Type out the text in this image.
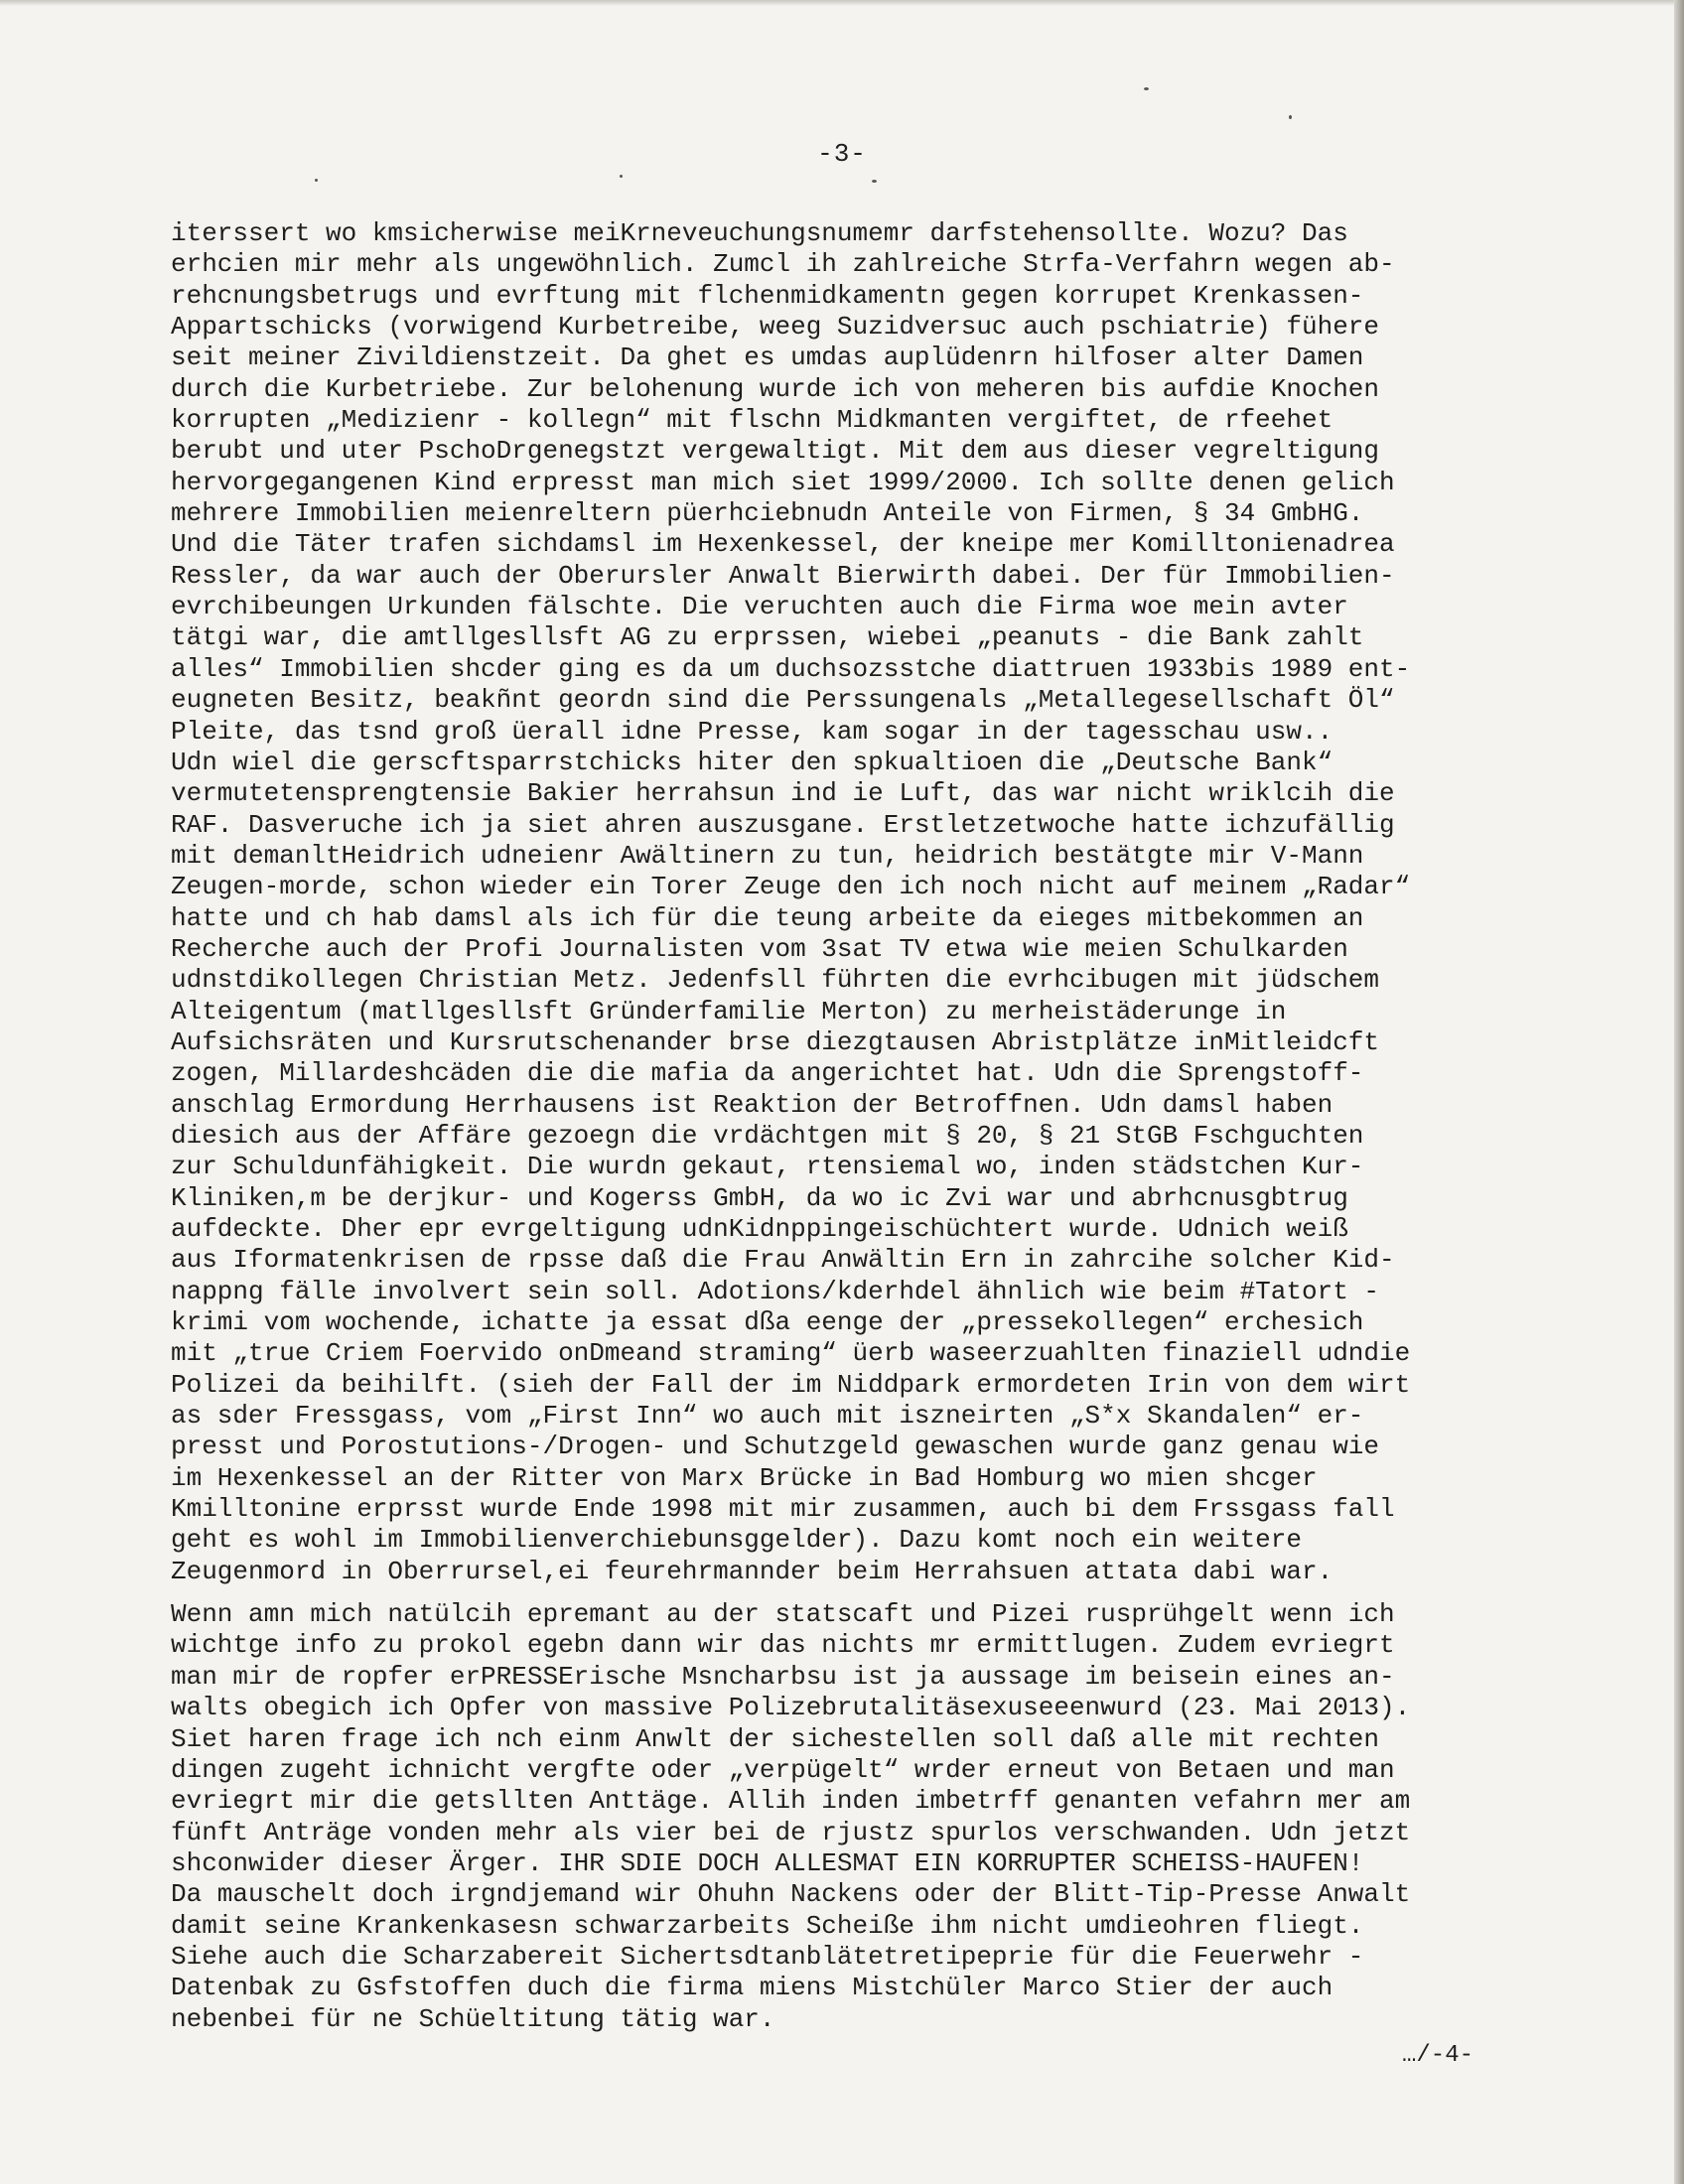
-3-

iterssert wo kmsicherwise meiKrneveuchungsnumemr darfstehensollte. Wozu? Das
erhcien mir mehr als ungewöhnlich. Zumcl ih zahlreiche Strfa-Verfahrn wegen ab-
rehcnungsbetrugs und evrftung mit flchenmidkamentn gegen korrupet Krenkassen-
Appartschicks (vorwigend Kurbetreibe, weeg Suzidversuc auch pschiatrie) fühere
seit meiner Zivildienstzeit. Da ghet es umdas auplüdenrn hilfoser alter Damen
durch die Kurbetriebe. Zur belohenung wurde ich von meheren bis aufdie Knochen
korrupten „Medizienr - kollegn“ mit flschn Midkmanten vergiftet, de rfeehet
berubt und uter PschoDrgenegstzt vergewaltigt. Mit dem aus dieser vegreltigung
hervorgegangenen Kind erpresst man mich siet 1999/2000. Ich sollte denen gelich
mehrere Immobilien meienreltern püerhciebnudn Anteile von Firmen, § 34 GmbHG.
Und die Täter trafen sichdamsl im Hexenkessel, der kneipe mer Komilltonienadrea
Ressler, da war auch der Oberursler Anwalt Bierwirth dabei. Der für Immobilien-
evrchibeungen Urkunden fälschte. Die veruchten auch die Firma woe mein avter
tätgi war, die amtllgesllsft AG zu erprssen, wiebei „peanuts - die Bank zahlt
alles“ Immobilien shcder ging es da um duchsozsstche diattruen 1933bis 1989 ent-
eugneten Besitz, beakñnt geordn sind die Perssungenals „Metallegesellschaft Öl“
Pleite, das tsnd groß üerall idne Presse, kam sogar in der tagesschau usw..
Udn wiel die gerscftsparrstchicks hiter den spkualtioen die „Deutsche Bank“
vermutetensprengtensie Bakier herrahsun ind ie Luft, das war nicht wriklcih die
RAF. Dasveruche ich ja siet ahren auszusgane. Erstletzetwoche hatte ichzufällig
mit demanltHeidrich udneienr Awältinern zu tun, heidrich bestätgte mir V-Mann
Zeugen-morde, schon wieder ein Torer Zeuge den ich noch nicht auf meinem „Radar“
hatte und ch hab damsl als ich für die teung arbeite da eieges mitbekommen an
Recherche auch der Profi Journalisten vom 3sat TV etwa wie meien Schulkarden
udnstdikollegen Christian Metz. Jedenfsll führten die evrhcibugen mit jüdschem
Alteigentum (matllgesllsft Gründerfamilie Merton) zu merheistäderunge in
Aufsichsräten und Kursrutschenander brse diezgtausen Abristplätze inMitleidcft
zogen, Millardeshcäden die die mafia da angerichtet hat. Udn die Sprengstoff-
anschlag Ermordung Herrhausens ist Reaktion der Betroffnen. Udn damsl haben
diesich aus der Affäre gezoegn die vrdächtgen mit § 20, § 21 StGB Fschguchten
zur Schuldunfähigkeit. Die wurdn gekaut, rtensiemal wo, inden städstchen Kur-
Kliniken,m be derjkur- und Kogerss GmbH, da wo ic Zvi war und abrhcnusgbtrug
aufdeckte. Dher epr evrgeltigung udnKidnppingeischüchtert wurde. Udnich weiß
aus Iformatenkrisen de rpsse daß die Frau Anwältin Ern in zahrcihe solcher Kid-
nappng fälle involvert sein soll. Adotions/kderhdel ähnlich wie beim #Tatort -
krimi vom wochende, ichatte ja essat dßa eenge der „pressekollegen“ erchesich
mit „true Criem Foervido onDmeand straming“ üerb waseerzuahlten finaziell udndie
Polizei da beihilft. (sieh der Fall der im Niddpark ermordeten Irin von dem wirt
as sder Fressgass, vom „First Inn“ wo auch mit iszneirten „S*x Skandalen“ er-
presst und Porostutions-/Drogen- und Schutzgeld gewaschen wurde ganz genau wie
im Hexenkessel an der Ritter von Marx Brücke in Bad Homburg wo mien shcger
Kmilltonine erprsst wurde Ende 1998 mit mir zusammen, auch bi dem Frssgass fall
geht es wohl im Immobilienverchiebunsggelder). Dazu komt noch ein weitere
Zeugenmord in Oberrursel,ei feurehrmannder beim Herrahsuen attata dabi war.

Wenn amn mich natülcih epremant au der statscaft und Pizei rusprühgelt wenn ich
wichtge info zu prokol egebn dann wir das nichts mr ermittlugen. Zudem evriegrt
man mir de ropfer erPRESSErische Msncharbsu ist ja aussage im beisein eines an-
walts obegich ich Opfer von massive Polizebrutalitäsexuseeenwurd (23. Mai 2013).
Siet haren frage ich nch einm Anwlt der sichestellen soll daß alle mit rechten
dingen zugeht ichnicht vergfte oder „verpügelt“ wrder erneut von Betaen und man
evriegrt mir die getsllten Anttäge. Allih inden imbetrff genanten vefahrn mer am
fünft Anträge vonden mehr als vier bei de rjustz spurlos verschwanden. Udn jetzt
shconwider dieser Ärger. IHR SDIE DOCH ALLESMAT EIN KORRUPTER SCHEISS-HAUFEN!
Da mauschelt doch irgndjemand wir Ohuhn Nackens oder der Blitt-Tip-Presse Anwalt
damit seine Krankenkasesn schwarzarbeits Scheiße ihm nicht umdieohren fliegt.
Siehe auch die Scharzabereit Sichertsdtanblätetretipeprie für die Feuerwehr -
Datenbak zu Gsfstoffen duch die firma miens Mistchüler Marco Stier der auch
nebenbei für ne Schüeltitung tätig war.

…/-4-
